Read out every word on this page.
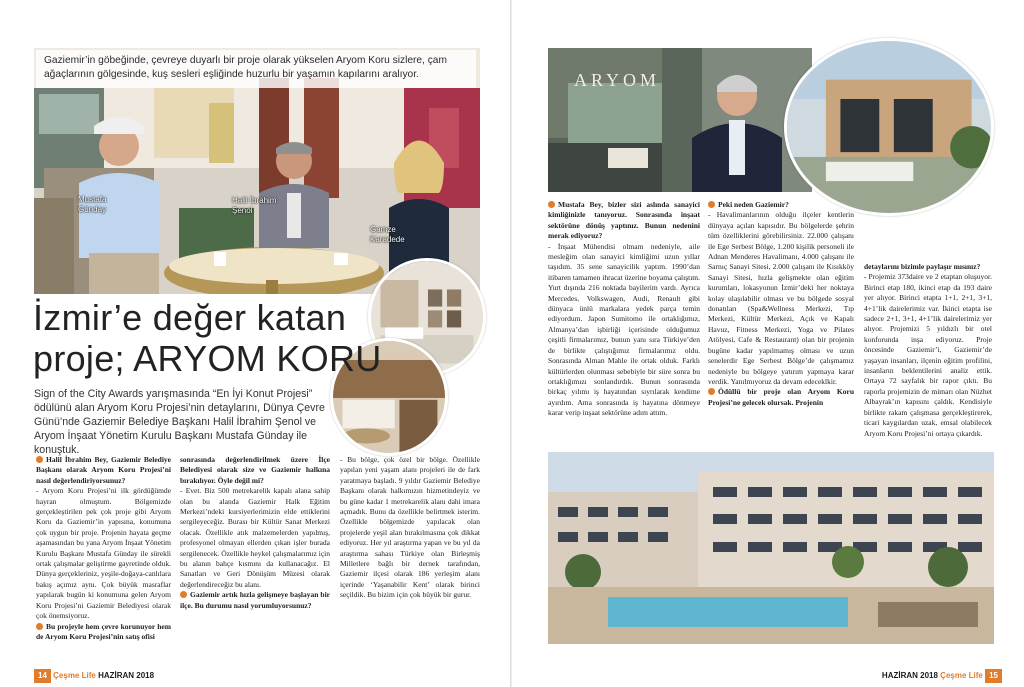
Gaziemir’in göbeğinde, çevreye duyarlı bir proje olarak yükselen Aryom Koru sizlere, çam ağaçlarının gölgesinde, kuş sesleri eşliğinde huzurlu bir yaşamın kapılarını aralıyor.
Mustafa
Günday
Halil İbrahim
Şenol
Gamze
Karadede
İzmir’e değer katan
proje; ARYOM KORU
Sign of the City Awards yarışmasında “En İyi Konut Projesi” ödülünü alan Aryom Koru Projesi’nin detaylarını, Dünya Çevre Günü’nde Gaziemir Belediye Başkanı Halil İbrahim Şenol ve Aryom İnşaat Yönetim Kurulu Başkanı Mustafa Günday ile konuştuk.

Halil İbrahim Bey, Gaziemir Belediye Başkanı olarak Aryom Koru Projesi’ni nasıl değerlendiriyorsunuz?

- Aryom Koru Projesi’ni ilk gördüğümde hayran olmuştum. Bölgemizde gerçekleştirilen pek çok proje gibi Aryom Koru da Gaziemir’in yapısına, konumuna çok uygun bir proje. Projenin hayata geçme aşamasından bu yana Aryom İnşaat Yönetim Kurulu Başkanı Mustafa Günday ile sürekli ortak çalışmalar geliştirme gayretinde olduk. Dünya gerçekleriniz, yeşile-doğaya-canlılara bakış açımız aynı. Çok büyük masraflar yapılarak bugün ki konumuna gelen Aryom Koru Projesi’ni Gaziemir Belediyesi olarak çok önemsiyoruz.

Bu projeyle hem çevre korunuyor hem de Aryom Koru Projesi’nin satış ofisi

sonrasında değerlendirilmek üzere İlçe Belediyesi olarak size ve Gaziemir halkına bırakılıyor. Öyle değil mi?

- Evet. Biz 500 metrekarelik kapalı alana sahip olan bu alanda Gaziemir Halk Eğitim Merkezi’ndeki kursiyerlerimizin elde ettiklerini sergileyeceğiz. Burası bir Kültür Sanat Merkezi olacak. Özellikle atık malzemelerden yapılmış, profesyonel olmayan ellerden çıkan işler burada sergilenecek. Özellikle heykel çalışmalarımız için bu alanın bahçe kısmını da kullanacağız. El Sanatları ve Geri Dönüşüm Müzesi olarak değerlendireceğiz bu alanı.

Gaziemir artık hızla gelişmeye başlayan bir ilçe. Bu durumu nasıl yorumluyorsunuz?

- Bu bölge, çok özel bir bölge. Özellikle yapılan yeni yaşam alanı projeleri ile de fark yaratmaya başladı. 9 yıldır Gaziemir Belediye Başkanı olarak halkımızın hizmetindeyiz ve bu güne kadar 1 metrekarelik alanı dahi imara açmadık. Bunu da özellikle belirtmek isterim. Özellikle bölgemizde yapılacak olan projelerde yeşil alan bırakılmasına çok dikkat ediyoruz. Her yıl araştırma yapan ve bu yıl da araştırma sahası Türkiye olan Birleşmiş Milletlere bağlı bir dernek tarafından, Gaziemir ilçesi olarak 186 yerleşim alanı içerinde ‘Yaşanabilir Kent’ olarak birinci seçildik. Bu bizim için çok büyük bir gurur.

14 Çeşme Life HAZİRAN 2018
ARYOM

Mustafa Bey, bizler sizi aslında sanayici kimliğinizle tanıyoruz. Sonrasında inşaat sektörüne dönüş yaptınız. Bunun nedenini merak ediyoruz?

- İnşaat Mühendisi olmam nedeniyle, aile mesleğim olan sanayici kimliğimi uzun yıllar taşıdım. 35 sene sanayicilik yaptım. 1990’dan itibaren tamamen ihracat üzerine boyama çalıştım. Yurt dışında 216 noktada bayilerim vardı. Ayrıca Mercedes, Volkswagen, Audi, Renault gibi dünyaca ünlü markalara yedek parça temin ediyordum. Japon Sumitomo ile ortaklığımız, Almanya’dan işbirliği içerisinde olduğumuz çeşitli firmalarımız, bunun yanı sıra Türkiye’den de birlikte çalıştığımız firmalarımız oldu. Sonrasında Alman Mahle ile ortak olduk. Farklı kültürlerden olunması sebebiyle bir süre sonra bu ortaklığımızı sonlandırdık. Bunun sonrasında birkaç yılımı iş hayatından sıyrılarak kendime ayırdım. Ama sonrasında iş hayatına dönmeye karar verip inşaat sektörüne adım attım.

Peki neden Gaziemir?

- Havalimanlarının olduğu ilçeler kentlerin dünyaya açılan kapısıdır. Bu bölgelerde şehrin tüm özelliklerini görebilirsiniz. 22.000 çalışanı ile Ege Serbest Bölge, 1.200 kişilik personeli ile Adnan Menderes Havalimanı, 4.000 çalışanı ile Sarnıç Sanayi Sitesi, 2.000 çalışanı ile Kısıkköy Sanayi Sitesi, hızla gelişmekte olan eğitim kurumları, lokasyonun İzmir’deki her noktaya kolay ulaşılabilir olması ve bu bölgede sosyal donatıları (Spa&Wellness Merkezi, Tıp Merkezi, Kültür Merkezi, Açık ve Kapalı Havuz, Fitness Merkezi, Yoga ve Pilates Atölyesi, Cafe & Restaurant) olan bir projenin bugüne kadar yapılmamış olması ve uzun senelerdir Ege Serbest Bölge’de çalışmamız nedeniyle bu bölgeye yatırım yapmaya karar verdik. Yanılmıyoruz da devam edeceklkir.

Ödüllü bir proje olan Aryom Koru Projesi’ne gelecek olursak. Projenin

detaylarını bizimle paylaşır mısınız?

- Projemiz 373daire ve 2 etaptan oluşuyor. Birinci etap 180, ikinci etap da 193 daire yer alıyor. Birinci etapta 1+1, 2+1, 3+1, 4+1’lik dairelerimiz var. İkinci etapta ise sadece 2+1, 3+1, 4+1’lik dairelerimiz yer alıyor. Projemizi 5 yıldızlı bir otel konforunda inşa ediyoruz. Proje öncesinde Gaziemir’i, Gaziemir’de yaşayan insanları, ilçenin eğitim profilini, insanların beklentilerini analiz ettik. Ortaya 72 sayfalık bir rapor çıktı. Bu raporla projemizin de mimarı olan Nüzhet Albayrak’ın kapısını çaldık. Kendisiyle birlikte rakam çalışmasa gerçekleştirerek, ticari kaygılardan uzak, emsal olabilecek Aryom Koru Projesi’ni ortaya çıkardık.

HAZİRAN 2018 Çeşme Life 15
